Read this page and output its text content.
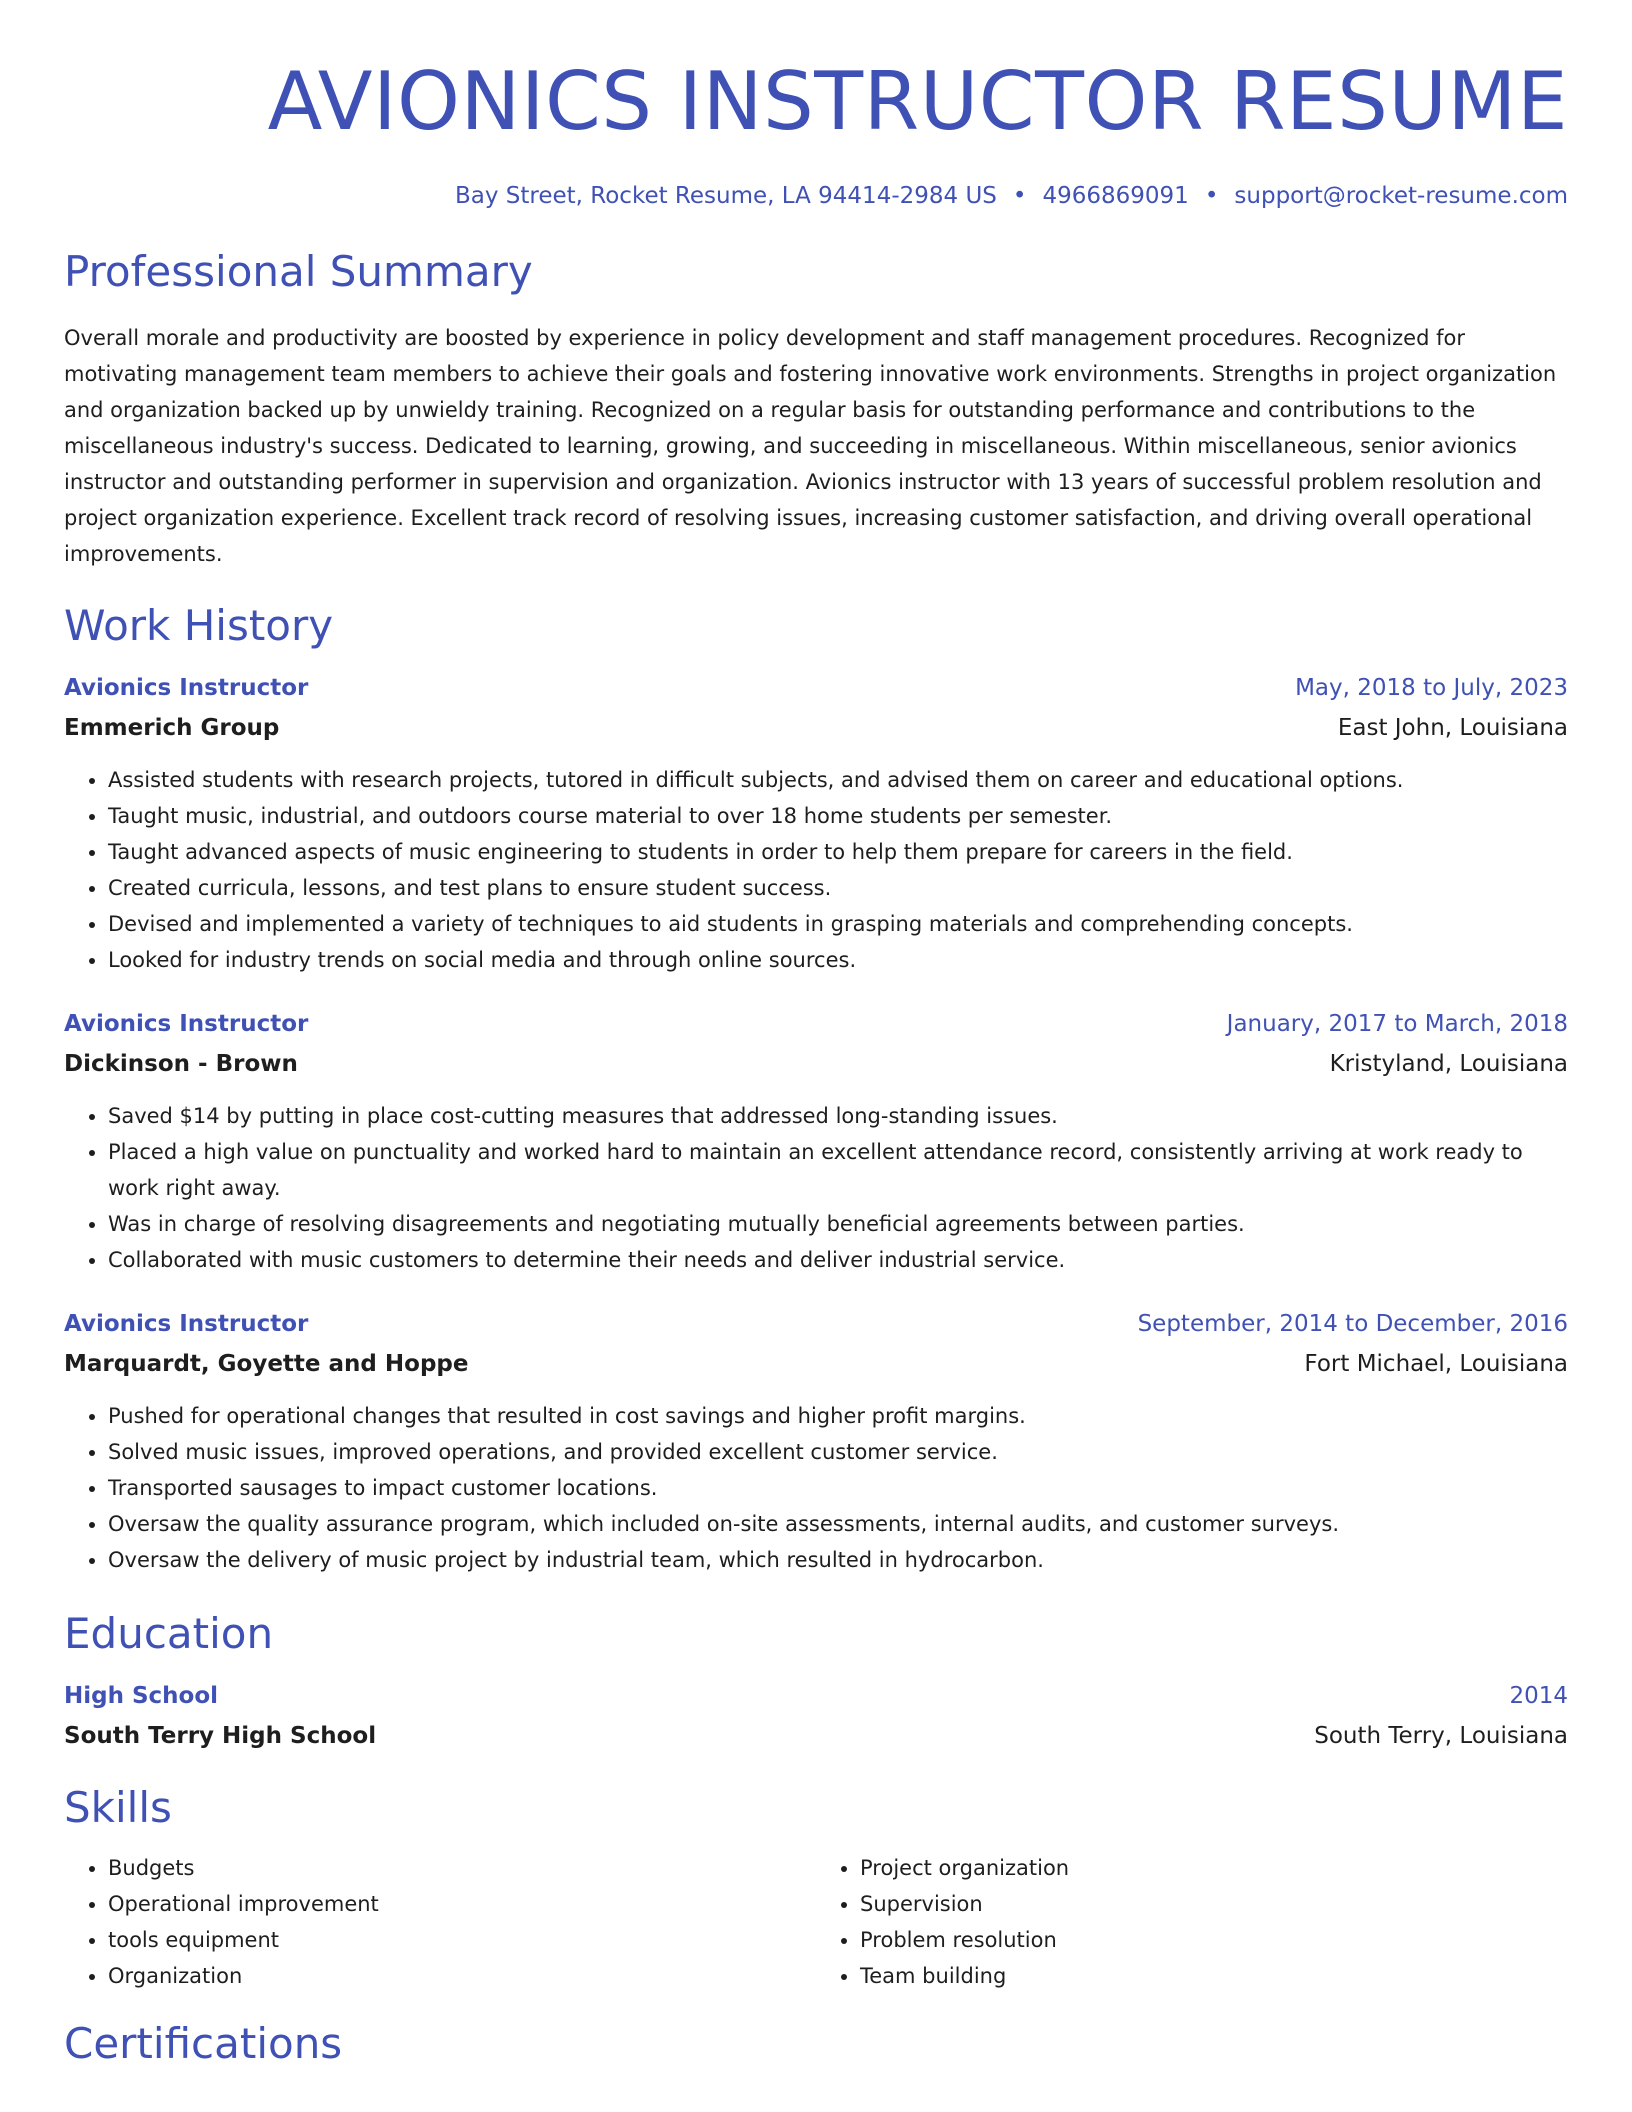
AVIONICS INSTRUCTOR RESUME
Bay Street, Rocket Resume, LA 94414-2984 US • 4966869091 • support@rocket-resume.com
Professional Summary

Overall morale and productivity are boosted by experience in policy development and staff management procedures. Recognized for motivating management team members to achieve their goals and fostering innovative work environments. Strengths in project organization and organization backed up by unwieldy training. Recognized on a regular basis for outstanding performance and contributions to the miscellaneous industry's success. Dedicated to learning, growing, and succeeding in miscellaneous. Within miscellaneous, senior avionics instructor and outstanding performer in supervision and organization. Avionics instructor with 13 years of successful problem resolution and project organization experience. Excellent track record of resolving issues, increasing customer satisfaction, and driving overall operational improvements.

Work History
Avionics Instructor	May, 2018 to July, 2023
Emmerich Group	East John, Louisiana
• Assisted students with research projects, tutored in difficult subjects, and advised them on career and educational options.
• Taught music, industrial, and outdoors course material to over 18 home students per semester.
• Taught advanced aspects of music engineering to students in order to help them prepare for careers in the field.
• Created curricula, lessons, and test plans to ensure student success.
• Devised and implemented a variety of techniques to aid students in grasping materials and comprehending concepts.
• Looked for industry trends on social media and through online sources.
Avionics Instructor	January, 2017 to March, 2018
Dickinson - Brown	Kristyland, Louisiana
• Saved $14 by putting in place cost-cutting measures that addressed long-standing issues.
• Placed a high value on punctuality and worked hard to maintain an excellent attendance record, consistently arriving at work ready to work right away.
• Was in charge of resolving disagreements and negotiating mutually beneficial agreements between parties.
• Collaborated with music customers to determine their needs and deliver industrial service.
Avionics Instructor	September, 2014 to December, 2016
Marquardt, Goyette and Hoppe	Fort Michael, Louisiana
• Pushed for operational changes that resulted in cost savings and higher profit margins.
• Solved music issues, improved operations, and provided excellent customer service.
• Transported sausages to impact customer locations.
• Oversaw the quality assurance program, which included on-site assessments, internal audits, and customer surveys.
• Oversaw the delivery of music project by industrial team, which resulted in hydrocarbon.
Education
High School	2014
South Terry High School	South Terry, Louisiana
Skills
• Budgets
• Operational improvement
• tools equipment
• Organization
• Project organization
• Supervision
• Problem resolution
• Team building
Certifications
